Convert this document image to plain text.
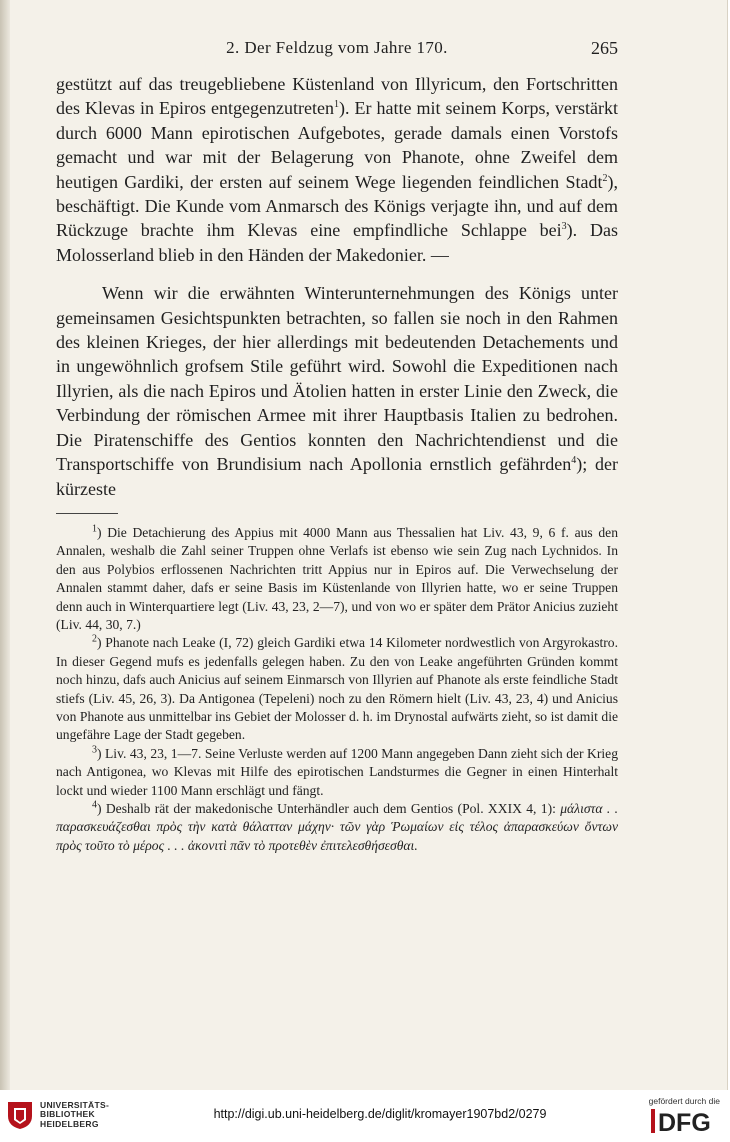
2. Der Feldzug vom Jahre 170.	265

gestützt auf das treugebliebene Küstenland von Illyricum, den Fortschritten des Klevas in Epiros entgegenzutreten$^1$). Er hatte mit seinem Korps, verstärkt durch 6000 Mann epirotischen Aufgebotes, gerade damals einen Vorstofs gemacht und war mit der Belagerung von Phanote, ohne Zweifel dem heutigen Gardiki, der ersten auf seinem Wege liegenden feindlichen Stadt$^2$), beschäftigt. Die Kunde vom Anmarsch des Königs verjagte ihn, und auf dem Rückzuge brachte ihm Klevas eine empfindliche Schlappe bei$^3$). Das Molosserland blieb in den Händen der Makedonier. —

Wenn wir die erwähnten Winterunternehmungen des Königs unter gemeinsamen Gesichtspunkten betrachten, so fallen sie noch in den Rahmen des kleinen Krieges, der hier allerdings mit bedeutenden Detachements und in ungewöhnlich grofsem Stile geführt wird. Sowohl die Expeditionen nach Illyrien, als die nach Epiros und Ätolien hatten in erster Linie den Zweck, die Verbindung der römischen Armee mit ihrer Hauptbasis Italien zu bedrohen. Die Piratenschiffe des Gentios konnten den Nachrichtendienst und die Transportschiffe von Brundisium nach Apollonia ernstlich gefährden$^4$); der kürzeste

$^1$) Die Detachierung des Appius mit 4000 Mann aus Thessalien hat Liv. 43, 9, 6 f. aus den Annalen, weshalb die Zahl seiner Truppen ohne Verlafs ist ebenso wie sein Zug nach Lychnidos. In den aus Polybios erflossenen Nachrichten tritt Appius nur in Epiros auf. Die Verwechselung der Annalen stammt daher, dafs er seine Basis im Küstenlande von Illyrien hatte, wo er seine Truppen denn auch in Winterquartiere legt (Liv. 43, 23, 2—7), und von wo er später dem Prätor Anicius zuzieht (Liv. 44, 30, 7.)

$^2$) Phanote nach Leake (I, 72) gleich Gardiki etwa 14 Kilometer nordwestlich von Argyrokastro. In dieser Gegend mufs es jedenfalls gelegen haben. Zu den von Leake angeführten Gründen kommt noch hinzu, dafs auch Anicius auf seinem Einmarsch von Illyrien auf Phanote als erste feindliche Stadt stiefs (Liv. 45, 26, 3). Da Antigonea (Tepeleni) noch zu den Römern hielt (Liv. 43, 23, 4) und Anicius von Phanote aus unmittelbar ins Gebiet der Molosser d. h. im Drynostal aufwärts zieht, so ist damit die ungefähre Lage der Stadt gegeben.

$^3$) Liv. 43, 23, 1—7. Seine Verluste werden auf 1200 Mann angegeben Dann zieht sich der Krieg nach Antigonea, wo Klevas mit Hilfe des epirotischen Landsturmes die Gegner in einen Hinterhalt lockt und wieder 1100 Mann erschlägt und fängt.

$^4$) Deshalb rät der makedonische Unterhändler auch dem Gentios (Pol. XXIX 4, 1): μάλιστα . . παρασκευάζεσθαι πρὸς τὴν κατὰ θάλατταν μάχην· τῶν γὰρ Ῥωμαίων εἰς τέλος ἀπαρασκεύων ὄντων πρὸς τοῦτο τὸ μέρος . . . ἀκονιτὶ πᾶν τὸ προτεθὲν ἐπιτελεσθήσεσθαι.

UNIVERSITÄTS-
BIBLIOTHEK
HEIDELBERG
http://digi.ub.uni-heidelberg.de/diglit/kromayer1907bd2/0279
gefördert durch die
DFG
